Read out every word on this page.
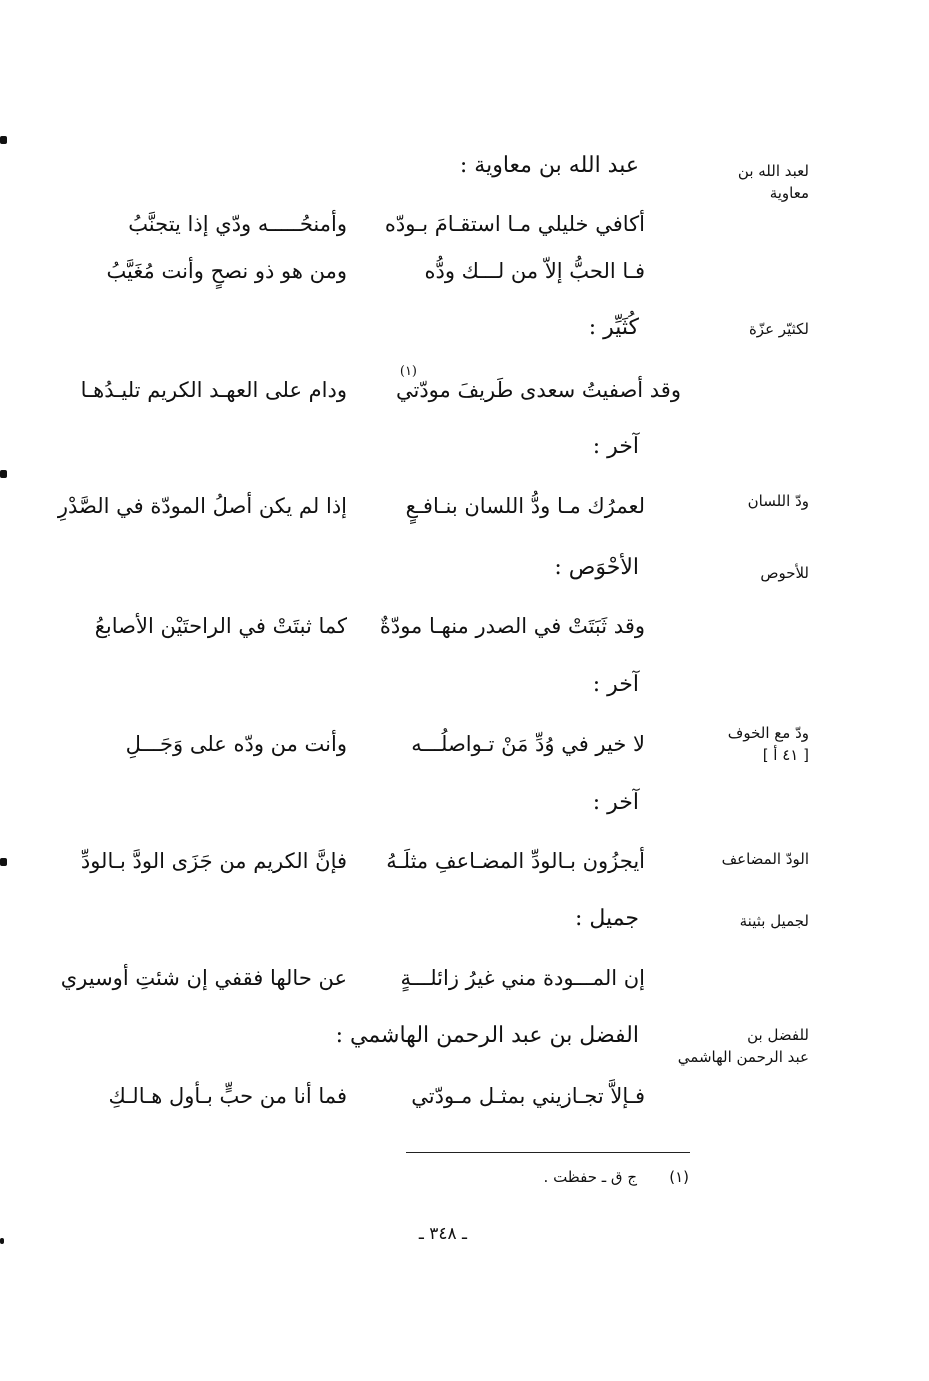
لعبد الله بن
معاوية
لكثيّر عزّة
ودّ اللسان
للأحوص
ودّ مع الخوف
[ ٤١ أ ]
الودّ المضاعف
لجميل بثينة
للفضل بن
عبد الرحمن الهاشمي
عبد الله بن معاوية :
كُثَيِّر :
آخر :
الأحْوَص :
آخر :
آخر :
جميل :
الفضل بن عبد الرحمن الهاشمي :
أكافي خليلي مـا استقـامَ بـودّه
فـا الحبُّ إلاّ من لـــك ودُّه
وقد أصفيتُ سعدى طَريفَ مودّتي
(١)
لعمرُك مـا ودُّ اللسان بنـافـعٍ
وقد ثَبَتَتْ في الصدر منهـا مودّةٌ
لا خير في وُدِّ مَنْ تـواصلُـــه
أيجزُون بـالودِّ المضـاعفِ مثلَـهُ
إن المـــودة مني غيرُ زائلـــةٍ
فـإلاَّ تجـازيني بمثـل مـودّتي
وأمنحُـــــه ودّي إذا يتجنَّبُ
ومن هو ذو نصحٍ وأنت مُغَيَّبُ
ودام على العهـد الكريم تليـدُهـا
إذا لم يكن أصلُ المودّة في الصَّدْرِ
كما ثبتَتْ في الراحتَيْن الأصابعُ
وأنت من ودّه على وَجَـــلِ
فإنَّ الكريم من جَزَى الودَّ بـالودِّ
عن حالها فقفي إن شئتِ أوسيري
فما أنا من حبٍّ بـأول هـالـكِ
(١)
ج ق ـ حفظت .
ـ ٣٤٨ ـ
